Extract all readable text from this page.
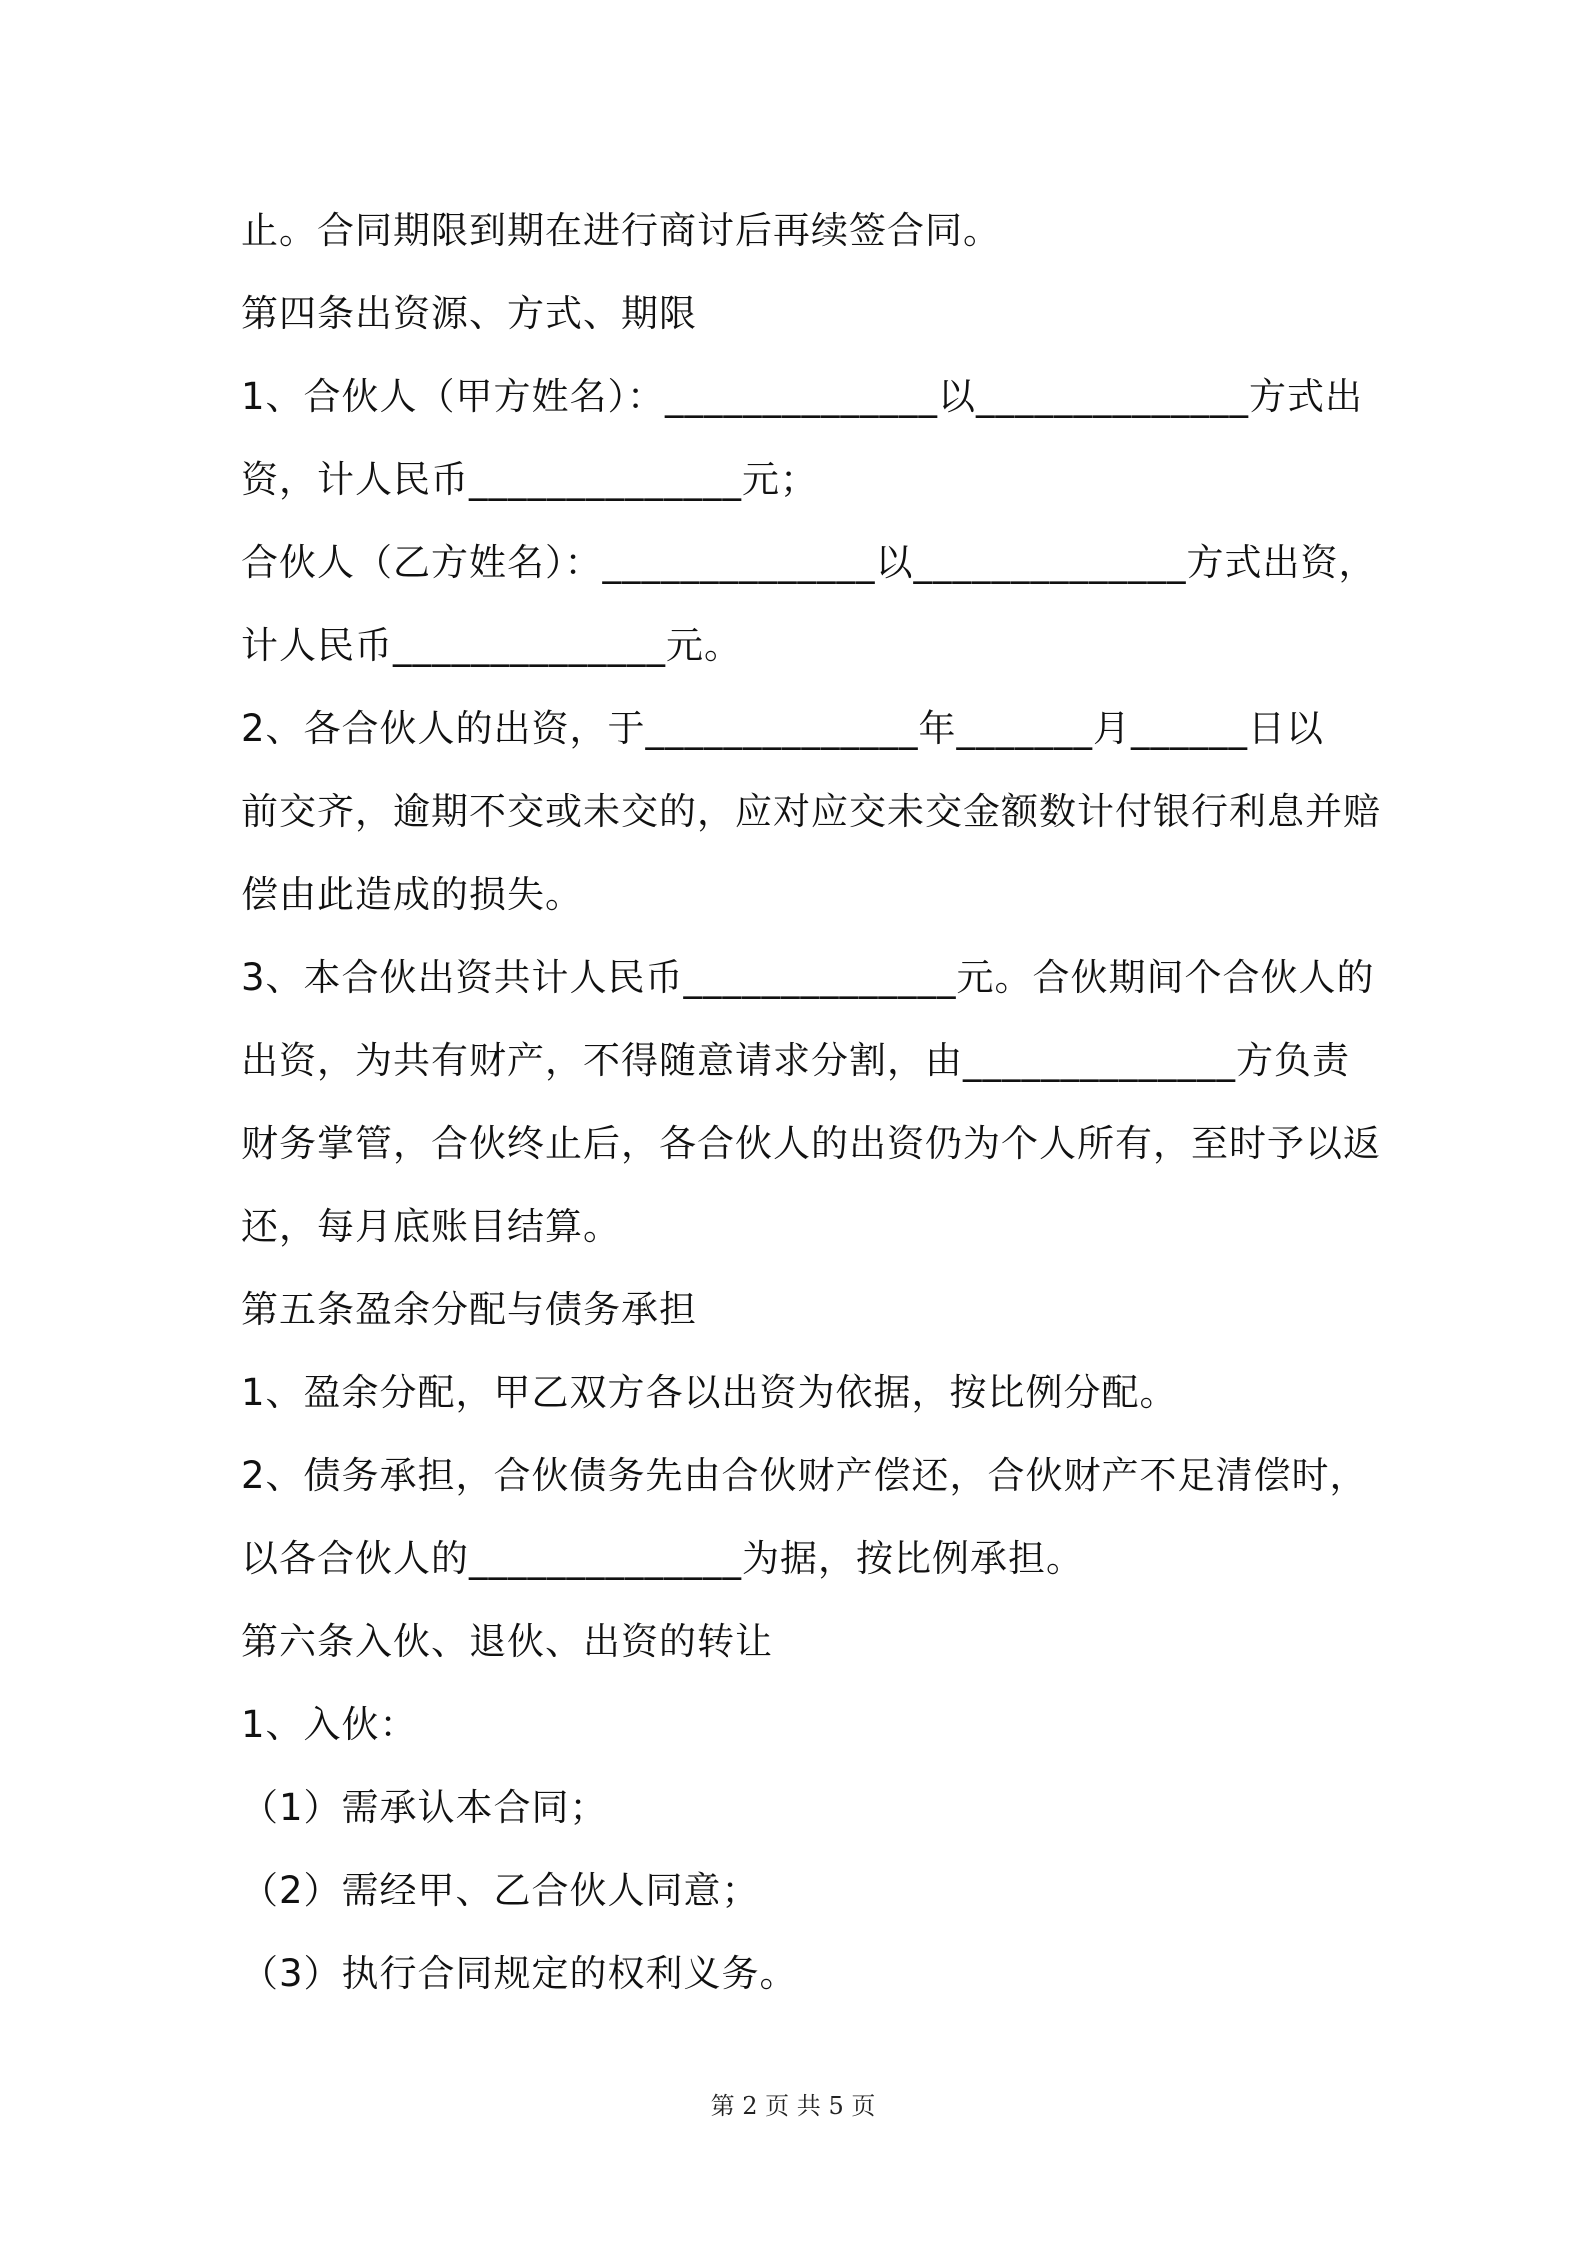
止。合同期限到期在进行商讨后再续签合同。
第四条出资源、方式、期限
1、合伙人（甲方姓名）：______________以______________方式出
资，计人民币______________元；
合伙人（乙方姓名）：______________以______________方式出资，
计人民币______________元。
2、各合伙人的出资，于______________年_______月______日以
前交齐，逾期不交或未交的，应对应交未交金额数计付银行利息并赔
偿由此造成的损失。
3、本合伙出资共计人民币______________元。合伙期间个合伙人的
出资，为共有财产，不得随意请求分割，由______________方负责
财务掌管，合伙终止后，各合伙人的出资仍为个人所有，至时予以返
还，每月底账目结算。
第五条盈余分配与债务承担
1、盈余分配，甲乙双方各以出资为依据，按比例分配。
2、债务承担，合伙债务先由合伙财产偿还，合伙财产不足清偿时，
以各合伙人的______________为据，按比例承担。
第六条入伙、退伙、出资的转让
1、入伙：
（1）需承认本合同；
（2）需经甲、乙合伙人同意；
（3）执行合同规定的权利义务。
第 2 页 共 5 页
